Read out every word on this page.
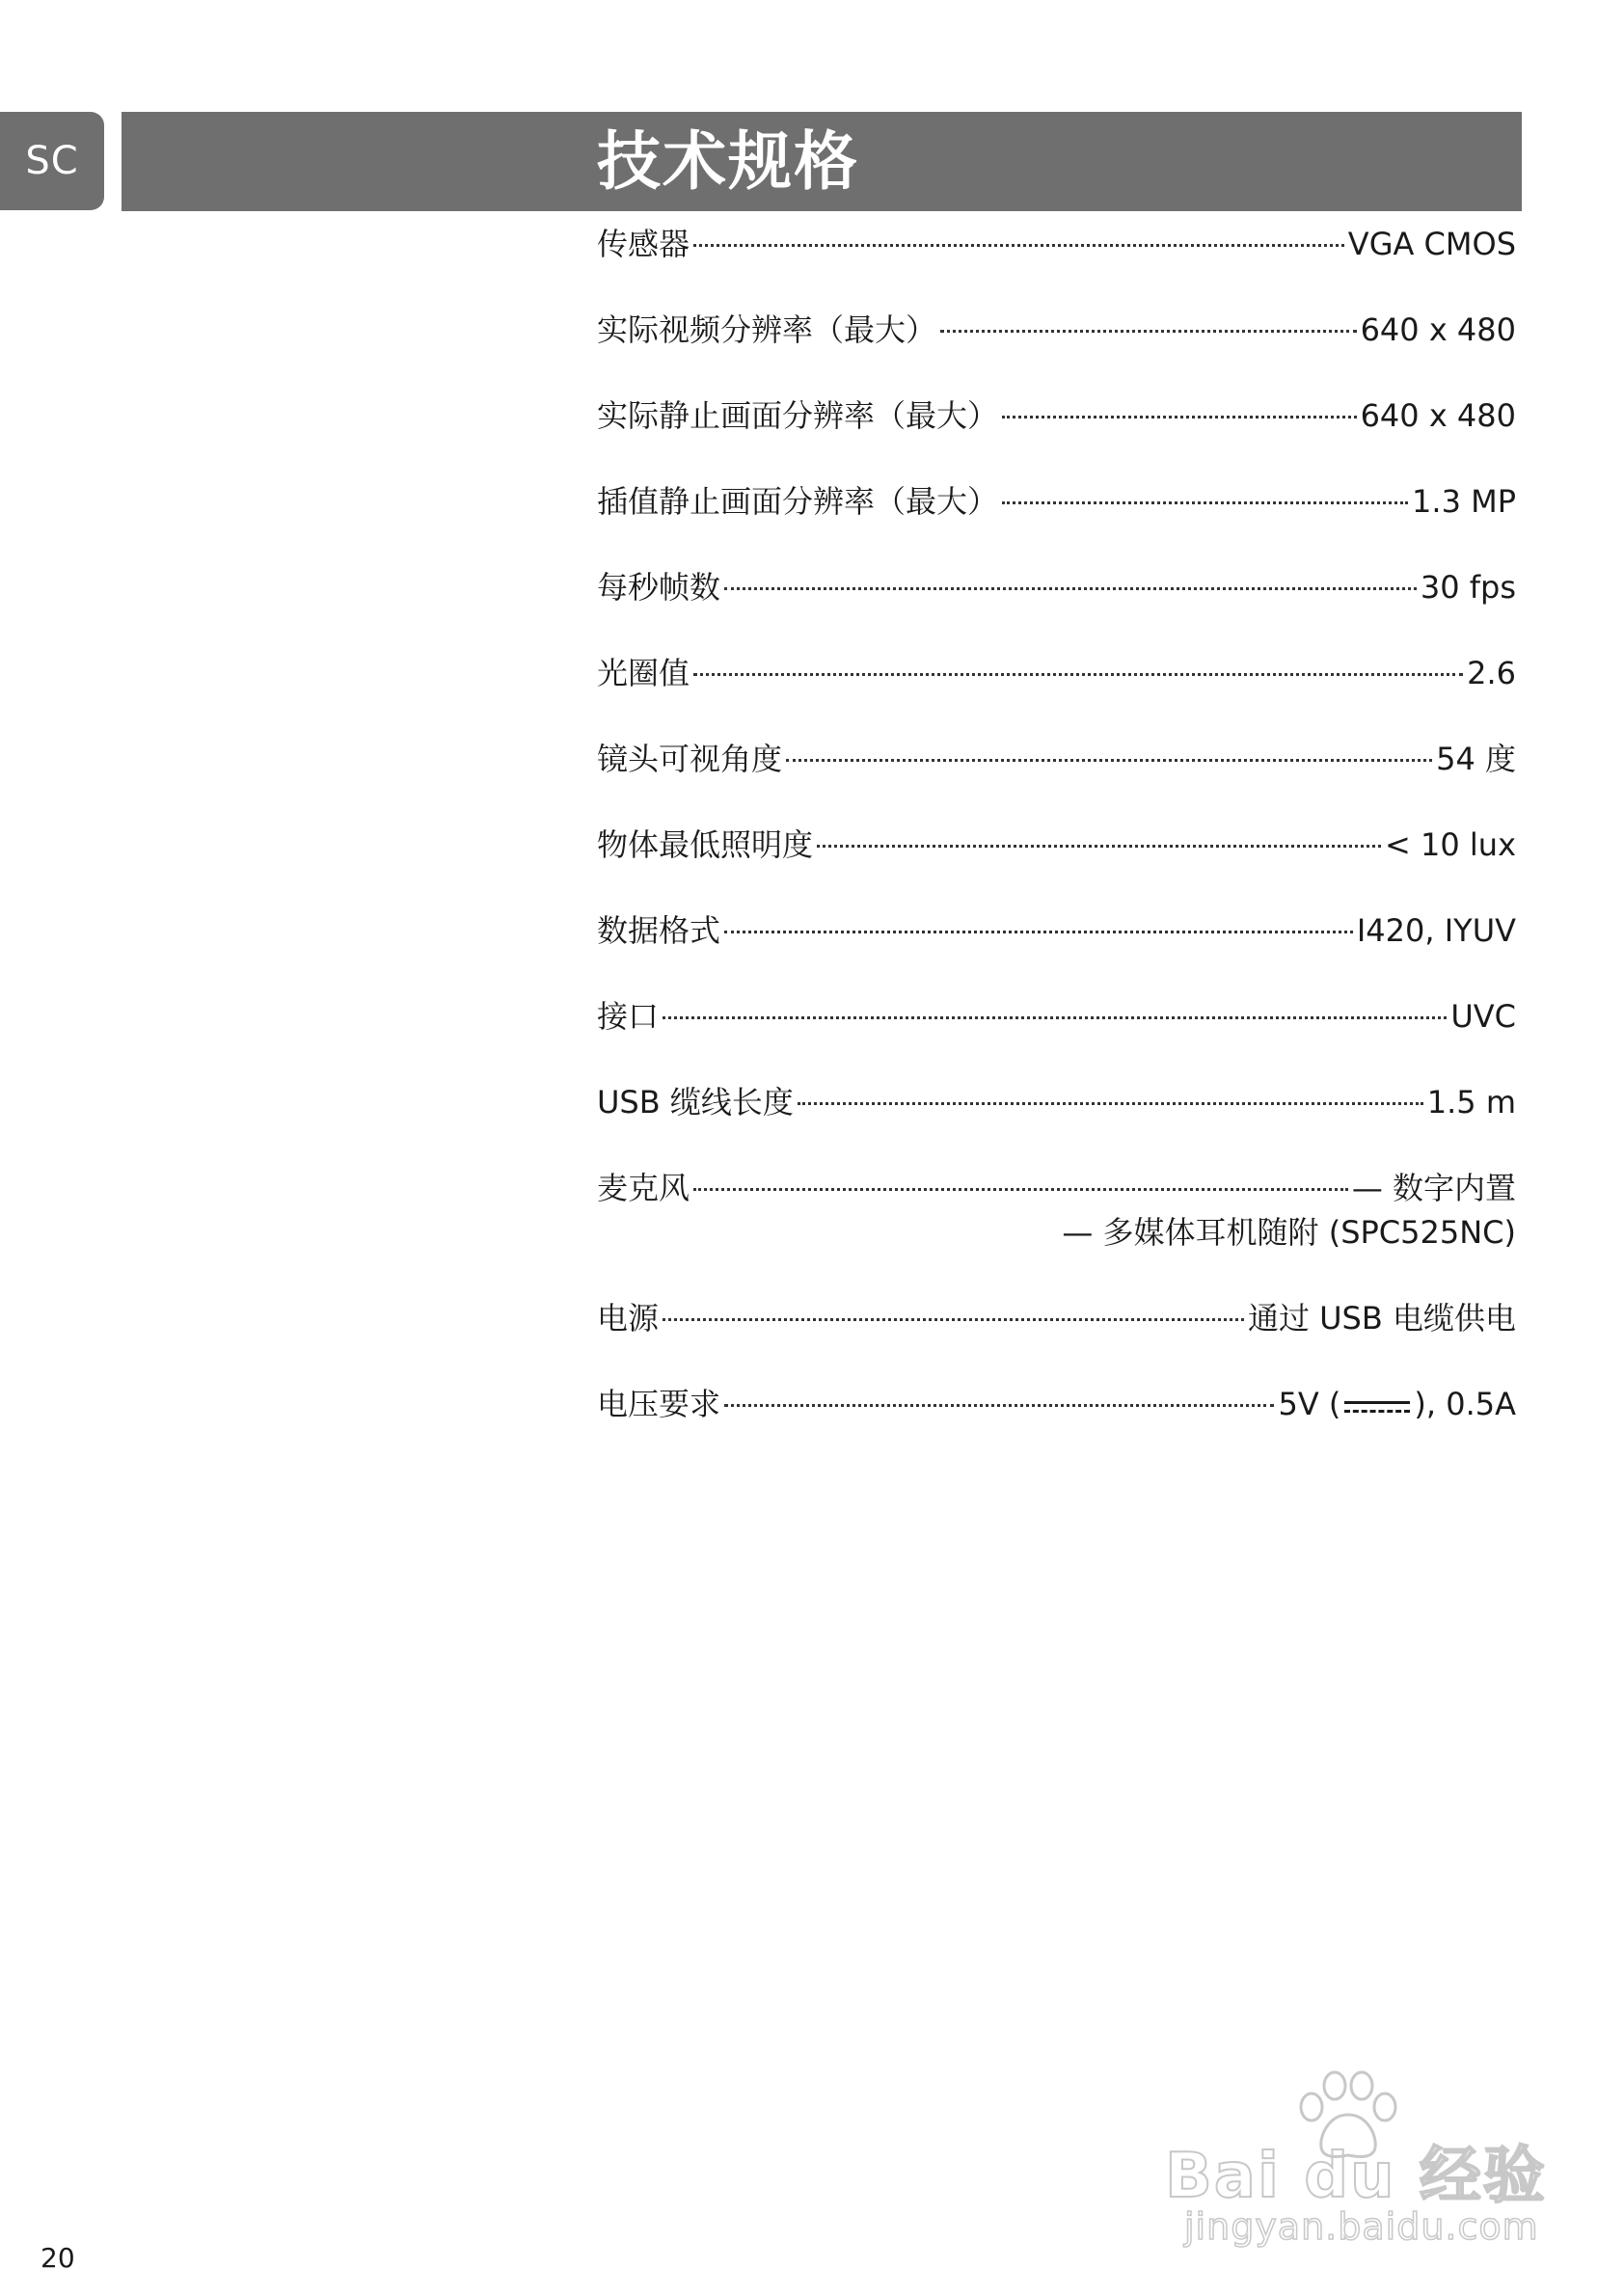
SC	技术规格
传感器	VGA CMOS
实际视频分辨率（最大）	640 x 480
实际静止画面分辨率（最大）	640 x 480
插值静止画面分辨率（最大）	1.3 MP
每秒帧数	30 fps
光圈值	2.6
镜头可视角度	54 度
物体最低照明度	< 10 lux
数据格式	I420, IYUV
接口	UVC
USB 缆线长度	1.5 m
麦克风	— 数字内置
— 多媒体耳机随附 (SPC525NC)
电源	通过 USB 电缆供电
电压要求	5V ( ), 0.5A
20
Bai du 经验
jingyan.baidu.com
